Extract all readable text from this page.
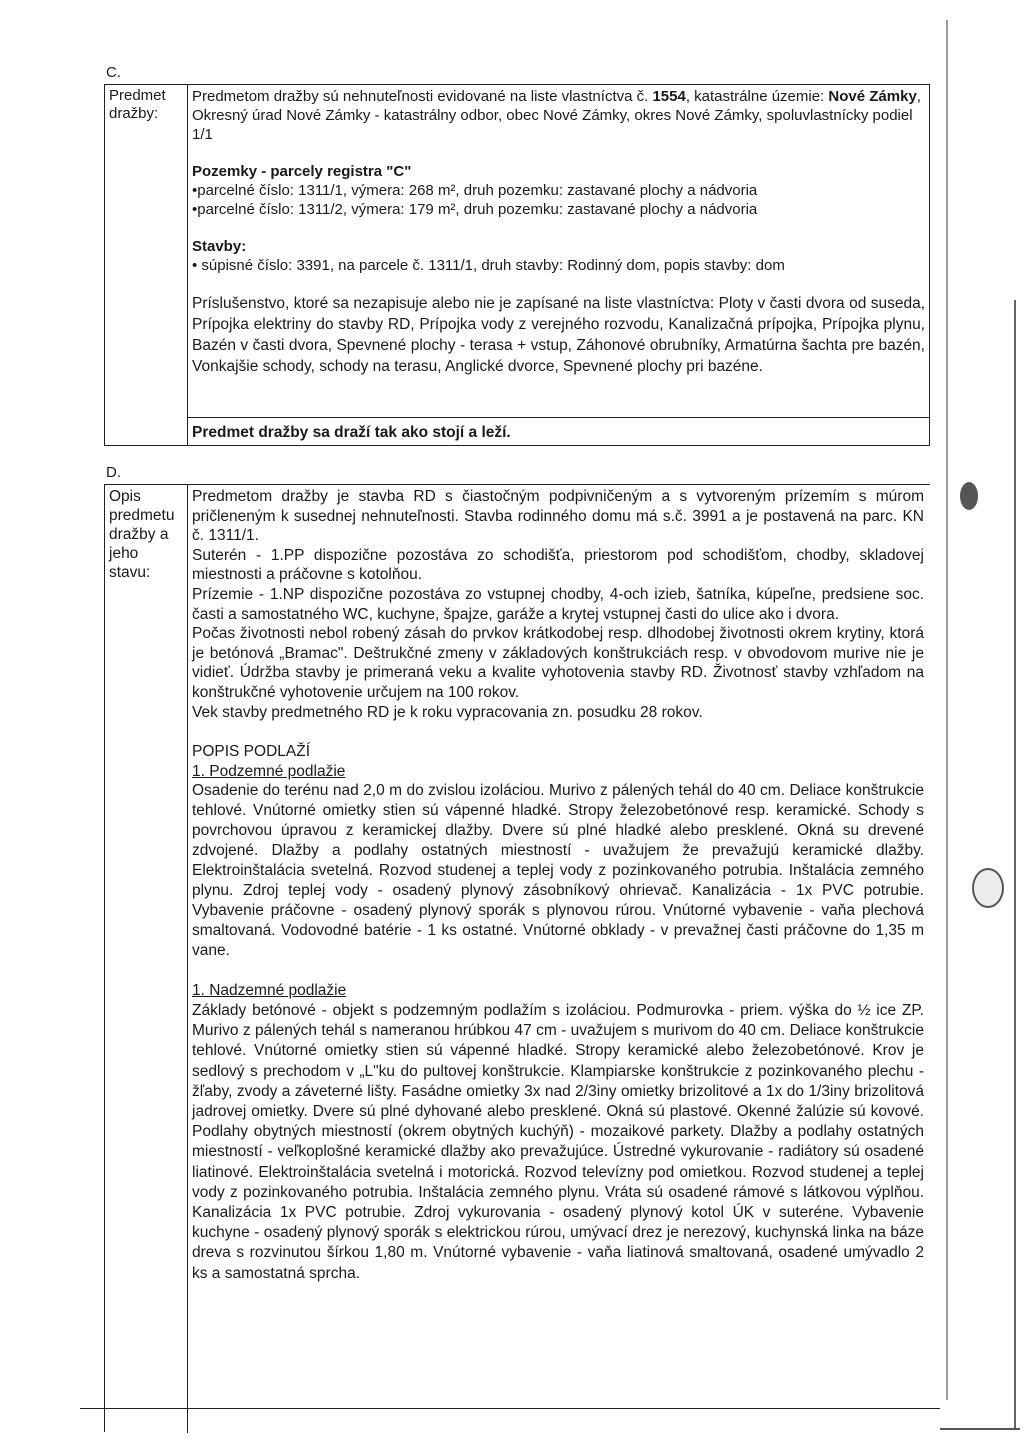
C.
Predmet dražby:

Predmetom dražby sú nehnuteľnosti evidované na liste vlastníctva č. 1554, katastrálne územie: Nové Zámky, Okresný úrad Nové Zámky - katastrálny odbor, obec Nové Zámky, okres Nové Zámky, spoluvlastnícky podiel 1/1

Pozemky - parcely registra "C"

•parcelné číslo: 1311/1, výmera: 268 m², druh pozemku: zastavané plochy a nádvoria

•parcelné číslo: 1311/2, výmera: 179 m², druh pozemku: zastavané plochy a nádvoria

Stavby:

• súpisné číslo: 3391, na parcele č. 1311/1, druh stavby: Rodinný dom, popis stavby: dom

Príslušenstvo, ktoré sa nezapisuje alebo nie je zapísané na liste vlastníctva: Ploty v časti dvora od suseda, Prípojka elektriny do stavby RD, Prípojka vody z verejného rozvodu, Kanalizačná prípojka, Prípojka plynu, Bazén v časti dvora, Spevnené plochy - terasa + vstup, Záhonové obrubníky, Armatúrna šachta pre bazén, Vonkajšie schody, schody na terasu, Anglické dvorce, Spevnené plochy pri bazéne.

Predmet dražby sa draží tak ako stojí a leží.
D.
Opis predmetu dražby a jeho stavu:

Predmetom dražby je stavba RD s čiastočným podpivničeným a s vytvoreným prízemím s múrom pričleneným k susednej nehnuteľnosti. Stavba rodinného domu má s.č. 3991 a je postavená na parc. KN č. 1311/1.

Suterén - 1.PP dispozične pozostáva zo schodišťa, priestorom pod schodišťom, chodby, skladovej miestnosti a práčovne s kotolňou.

Prízemie - 1.NP dispozične pozostáva zo vstupnej chodby, 4-och izieb, šatníka, kúpeľne, predsiene soc. časti a samostatného WC, kuchyne, špajze, garáže a krytej vstupnej časti do ulice ako i dvora.

Počas životnosti nebol robený zásah do prvkov krátkodobej resp. dlhodobej životnosti okrem krytiny, ktorá je betónová „Bramac". Deštrukčné zmeny v základových konštrukciách resp. v obvodovom murive nie je vidieť. Údržba stavby je primeraná veku a kvalite vyhotovenia stavby RD. Životnosť stavby vzhľadom na konštrukčné vyhotovenie určujem na 100 rokov.

Vek stavby predmetného RD je k roku vypracovania zn. posudku 28 rokov.

POPIS PODLAŽÍ

1. Podzemné podlažie

Osadenie do terénu nad 2,0 m do zvislou izoláciou. Murivo z pálených tehál do 40 cm. Deliace konštrukcie tehlové. Vnútorné omietky stien sú vápenné hladké. Stropy železobetónové resp. keramické. Schody s povrchovou úpravou z keramickej dlažby. Dvere sú plné hladké alebo presklené. Okná su drevené zdvojené. Dlažby a podlahy ostatných miestností - uvažujem že prevažujú keramické dlažby. Elektroinštalácia svetelná. Rozvod studenej a teplej vody z pozinkovaného potrubia. Inštalácia zemného plynu. Zdroj teplej vody - osadený plynový zásobníkový ohrievač. Kanalizácia - 1x PVC potrubie. Vybavenie práčovne - osadený plynový sporák s plynovou rúrou. Vnútorné vybavenie - vaňa plechová smaltovaná. Vodovodné batérie - 1 ks ostatné. Vnútorné obklady - v prevažnej časti práčovne do 1,35 m vane.

1. Nadzemné podlažie

Základy betónové - objekt s podzemným podlažím s izoláciou. Podmurovka - priem. výška do ½ ice ZP. Murivo z pálených tehál s nameranou hrúbkou 47 cm - uvažujem s murivom do 40 cm. Deliace konštrukcie tehlové. Vnútorné omietky stien sú vápenné hladké. Stropy keramické alebo železobetónové. Krov je sedlový s prechodom v „L"ku do pultovej konštrukcie. Klampiarske konštrukcie z pozinkovaného plechu - žľaby, zvody a záveterné lišty. Fasádne omietky 3x nad 2/3iny omietky brizolitové a 1x do 1/3iny brizolitová jadrovej omietky. Dvere sú plné dyhované alebo presklené. Okná sú plastové. Okenné žalúzie sú kovové. Podlahy obytných miestností (okrem obytných kuchýň) - mozaikové parkety. Dlažby a podlahy ostatných miestností - veľkoplošné keramické dlažby ako prevažujúce. Ústredné vykurovanie - radiátory sú osadené liatinové. Elektroinštalácia svetelná i motorická. Rozvod televízny pod omietkou. Rozvod studenej a teplej vody z pozinkovaného potrubia. Inštalácia zemného plynu. Vráta sú osadené rámové s látkovou výplňou. Kanalizácia 1x PVC potrubie. Zdroj vykurovania - osadený plynový kotol ÚK v suteréne. Vybavenie kuchyne - osadený plynový sporák s elektrickou rúrou, umývací drez je nerezový, kuchynská linka na báze dreva s rozvinutou šírkou 1,80 m. Vnútorné vybavenie - vaňa liatinová smaltovaná, osadené umývadlo 2 ks a samostatná sprcha.
